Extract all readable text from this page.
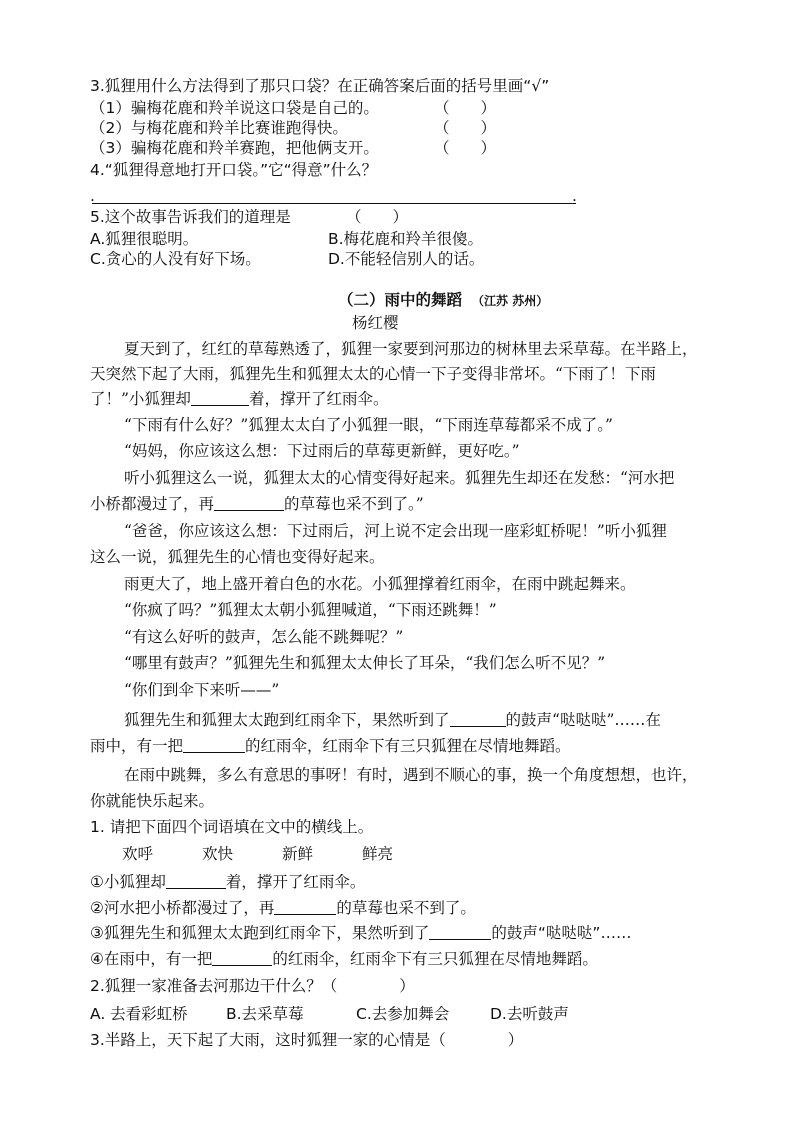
3.狐狸用什么方法得到了那只口袋？在正确答案后面的括号里画“√”
（1）骗梅花鹿和羚羊说这口袋是自己的。	（　　）
（2）与梅花鹿和羚羊比赛谁跑得快。	（　　）
（3）骗梅花鹿和羚羊赛跑，把他俩支开。	（　　）
4.“狐狸得意地打开口袋。”它“得意”什么？
.	.
5.这个故事告诉我们的道理是	（　　）
A.狐狸很聪明。	B.梅花鹿和羚羊很傻。
C.贪心的人没有好下场。	D.不能轻信别人的话。
（二）雨中的舞蹈 （江苏 苏州）
杨红樱
夏天到了，红红的草莓熟透了，狐狸一家要到河那边的树林里去采草莓。在半路上，
天突然下起了大雨，狐狸先生和狐狸太太的心情一下子变得非常坏。“下雨了！下雨
了！”小狐狸却	着，撑开了红雨伞。
“下雨有什么好？”狐狸太太白了小狐狸一眼，“下雨连草莓都采不成了。”
“妈妈，你应该这么想：下过雨后的草莓更新鲜，更好吃。”
听小狐狸这么一说，狐狸太太的心情变得好起来。狐狸先生却还在发愁：“河水把
小桥都漫过了，再	的草莓也采不到了。”
“爸爸，你应该这么想：下过雨后，河上说不定会出现一座彩虹桥呢！”听小狐狸
这么一说，狐狸先生的心情也变得好起来。
雨更大了，地上盛开着白色的水花。小狐狸撑着红雨伞，在雨中跳起舞来。
“你疯了吗？”狐狸太太朝小狐狸喊道，“下雨还跳舞！”
“有这么好听的鼓声，怎么能不跳舞呢？”
“哪里有鼓声？”狐狸先生和狐狸太太伸长了耳朵，“我们怎么听不见？”
“你们到伞下来听——”
狐狸先生和狐狸太太跑到红雨伞下，果然听到了	的鼓声“哒哒哒”……在
雨中，有一把	的红雨伞，红雨伞下有三只狐狸在尽情地舞蹈。
在雨中跳舞，多么有意思的事呀！有时，遇到不顺心的事，换一个角度想想，也许，
你就能快乐起来。
1. 请把下面四个词语填在文中的横线上。
欢呼	欢快	新鲜	鲜亮
①小狐狸却	着，撑开了红雨伞。
②河水把小桥都漫过了，再	的草莓也采不到了。
③狐狸先生和狐狸太太跑到红雨伞下，果然听到了	的鼓声“哒哒哒”……
④在雨中，有一把	的红雨伞，红雨伞下有三只狐狸在尽情地舞蹈。
2.狐狸一家准备去河那边干什么？（　　　　）
A. 去看彩虹桥 B.去采草莓	C.去参加舞会	D.去听鼓声
3.半路上，天下起了大雨，这时狐狸一家的心情是（　　　　）
